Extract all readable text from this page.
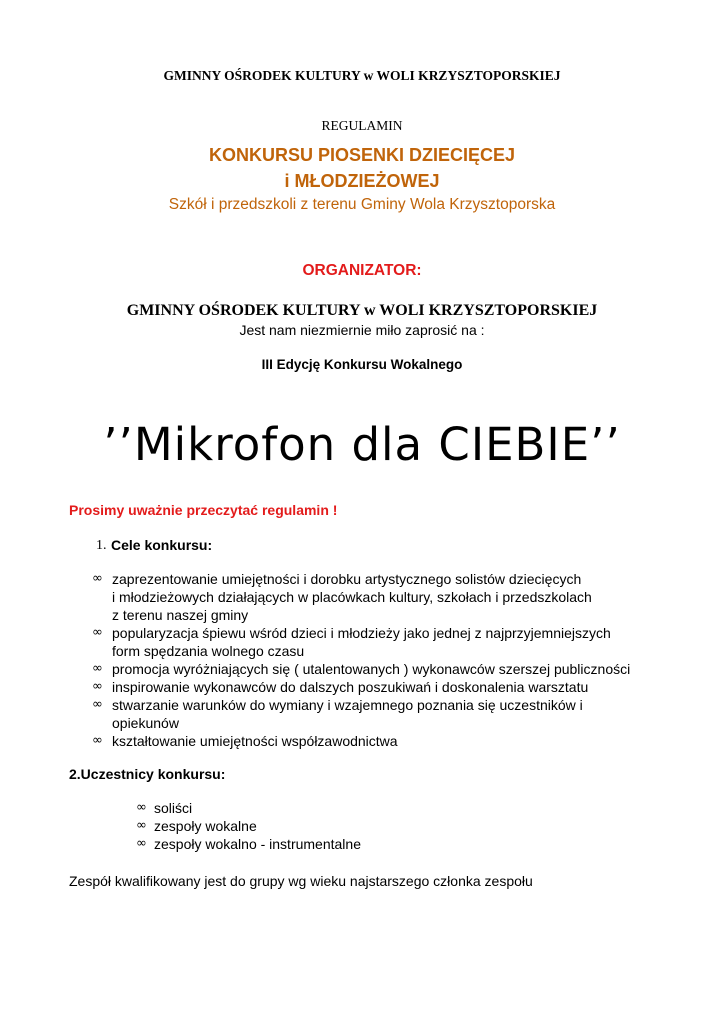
GMINNY OŚRODEK KULTURY w WOLI KRZYSZTOPORSKIEJ
REGULAMIN
KONKURSU PIOSENKI DZIECIĘCEJ
i MŁODZIEŻOWEJ
Szkół i przedszkoli z terenu Gminy Wola Krzysztoporska
ORGANIZATOR:
GMINNY OŚRODEK KULTURY w WOLI KRZYSZTOPORSKIEJ
Jest nam niezmiernie miło zaprosić na :
III Edycję Konkursu Wokalnego
’’Mikrofon dla CIEBIE’’
Prosimy uważnie przeczytać regulamin !
1. Cele konkursu:
∞ zaprezentowanie umiejętności i dorobku artystycznego solistów dziecięcych
i młodzieżowych działających w placówkach kultury, szkołach i przedszkolach
z terenu naszej gminy
∞ popularyzacja śpiewu wśród dzieci i młodzieży jako jednej z najprzyjemniejszych
form spędzania wolnego czasu
∞ promocja wyróżniających się ( utalentowanych ) wykonawców szerszej publiczności
∞ inspirowanie wykonawców do dalszych poszukiwań i doskonalenia warsztatu
∞ stwarzanie warunków do wymiany i wzajemnego poznania się uczestników i
opiekunów
∞ kształtowanie umiejętności współzawodnictwa
2.Uczestnicy konkursu:
∞ soliści
∞ zespoły wokalne
∞ zespoły wokalno - instrumentalne
Zespół kwalifikowany jest do grupy wg wieku najstarszego członka zespołu
